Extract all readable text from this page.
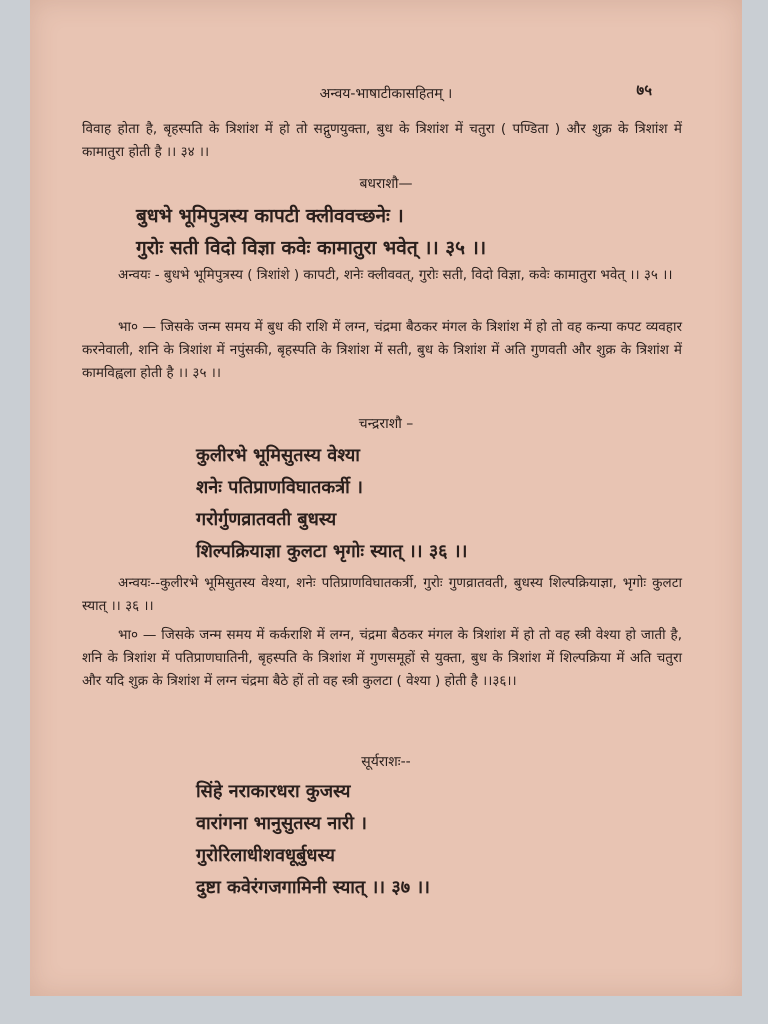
अन्वय-भाषाटीकासहितम् ।	७५
विवाह होता है, बृहस्पति के त्रिशांश में हो तो सद्गुणयुक्ता, बुध के त्रिशांश में चतुरा ( पण्डिता ) और शुक्र के त्रिशांश में कामातुरा होती है ।। ३४ ।।
बधराशौ—
बुधभे भूमिपुत्रस्य कापटी क्लीववच्छनेः ।
गुरोः सती विदो विज्ञा कवेः कामातुरा भवेत् ।। ३५ ।।
अन्वयः - बुधभे भूमिपुत्रस्य ( त्रिशांशे ) कापटी, शनेः क्लीववत्, गुरोः सती, विदो विज्ञा, कवेः कामातुरा भवेत् ।। ३५ ।।
भा० — जिसके जन्म समय में बुध की राशि में लग्न, चंद्रमा बैठकर मंगल के त्रिशांश में हो तो वह कन्या कपट व्यवहार करनेवाली, शनि के त्रिशांश में नपुंसकी, बृहस्पति के त्रिशांश में सती, बुध के त्रिशांश में अति गुणवती और शुक्र के त्रिशांश में कामविह्वला होती है ।। ३५ ।।
चन्द्रराशौ –
कुलीरभे भूमिसुतस्य वेश्या
शनेः पतिप्राणविघातकर्त्री ।
गरोर्गुणव्रातवती बुधस्य
शिल्पक्रियाज्ञा कुलटा भृगोः स्यात् ।। ३६ ।।
अन्वयः--कुलीरभे भूमिसुतस्य वेश्या, शनेः पतिप्राणविघातकर्त्री, गुरोः गुणव्रातवती, बुधस्य शिल्पक्रियाज्ञा, भृगोः कुलटा स्यात् ।। ३६ ।।
भा० — जिसके जन्म समय में कर्कराशि में लग्न, चंद्रमा बैठकर मंगल के त्रिशांश में हो तो वह स्त्री वेश्या हो जाती है, शनि के त्रिशांश में पतिप्राणघातिनी, बृहस्पति के त्रिशांश में गुणसमूहों से युक्ता, बुध के त्रिशांश में शिल्पक्रिया में अति चतुरा और यदि शुक्र के त्रिशांश में लग्न चंद्रमा बैठे हों तो वह स्त्री कुलटा ( वेश्या ) होती है ।।३६।।
सूर्यराशः--
सिंहे नराकारधरा कुजस्य
वारांगना भानुसुतस्य नारी ।
गुरोरिलाधीशवधूर्बुधस्य
दुष्टा कवेरंगजगामिनी स्यात् ।। ३७ ।।
